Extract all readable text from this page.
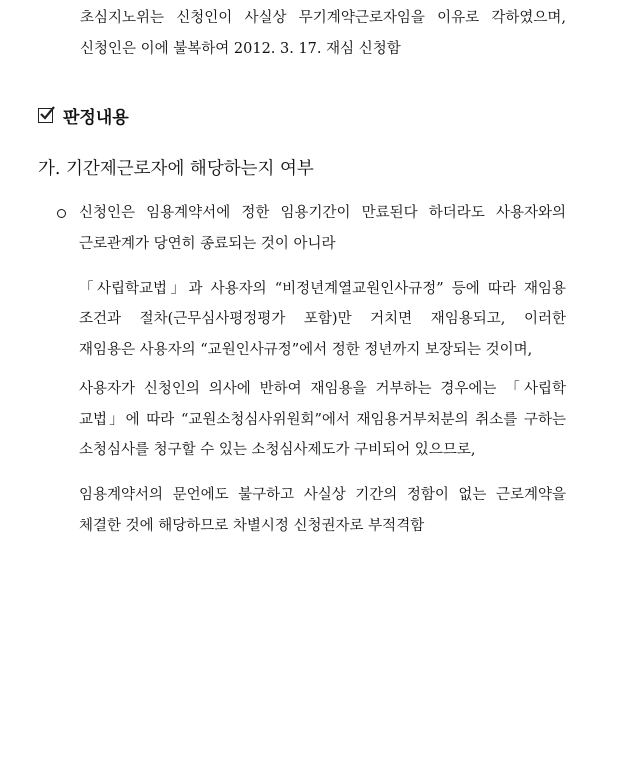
초심지노위는 신청인이 사실상 무기계약근로자임을 이유로 각하였으며,
신청인은 이에 불복하여 2012. 3. 17. 재심 신청함
판정내용
가. 기간제근로자에 해당하는지 여부
신청인은 임용계약서에 정한 임용기간이 만료된다 하더라도 사용자와의
근로관계가 당연히 종료되는 것이 아니라
「사립학교법」과 사용자의 “비정년계열교원인사규정” 등에 따라 재임용
조건과 절차(근무심사평정평가 포함)만 거치면 재임용되고, 이러한
재임용은 사용자의 “교원인사규정”에서 정한 정년까지 보장되는 것이며,
사용자가 신청인의 의사에 반하여 재임용을 거부하는 경우에는 「사립학
교법」에 따라 “교원소청심사위원회”에서 재임용거부처분의 취소를 구하는
소청심사를 청구할 수 있는 소청심사제도가 구비되어 있으므로,
임용계약서의 문언에도 불구하고 사실상 기간의 정함이 없는 근로계약을
체결한 것에 해당하므로 차별시정 신청권자로 부적격함
